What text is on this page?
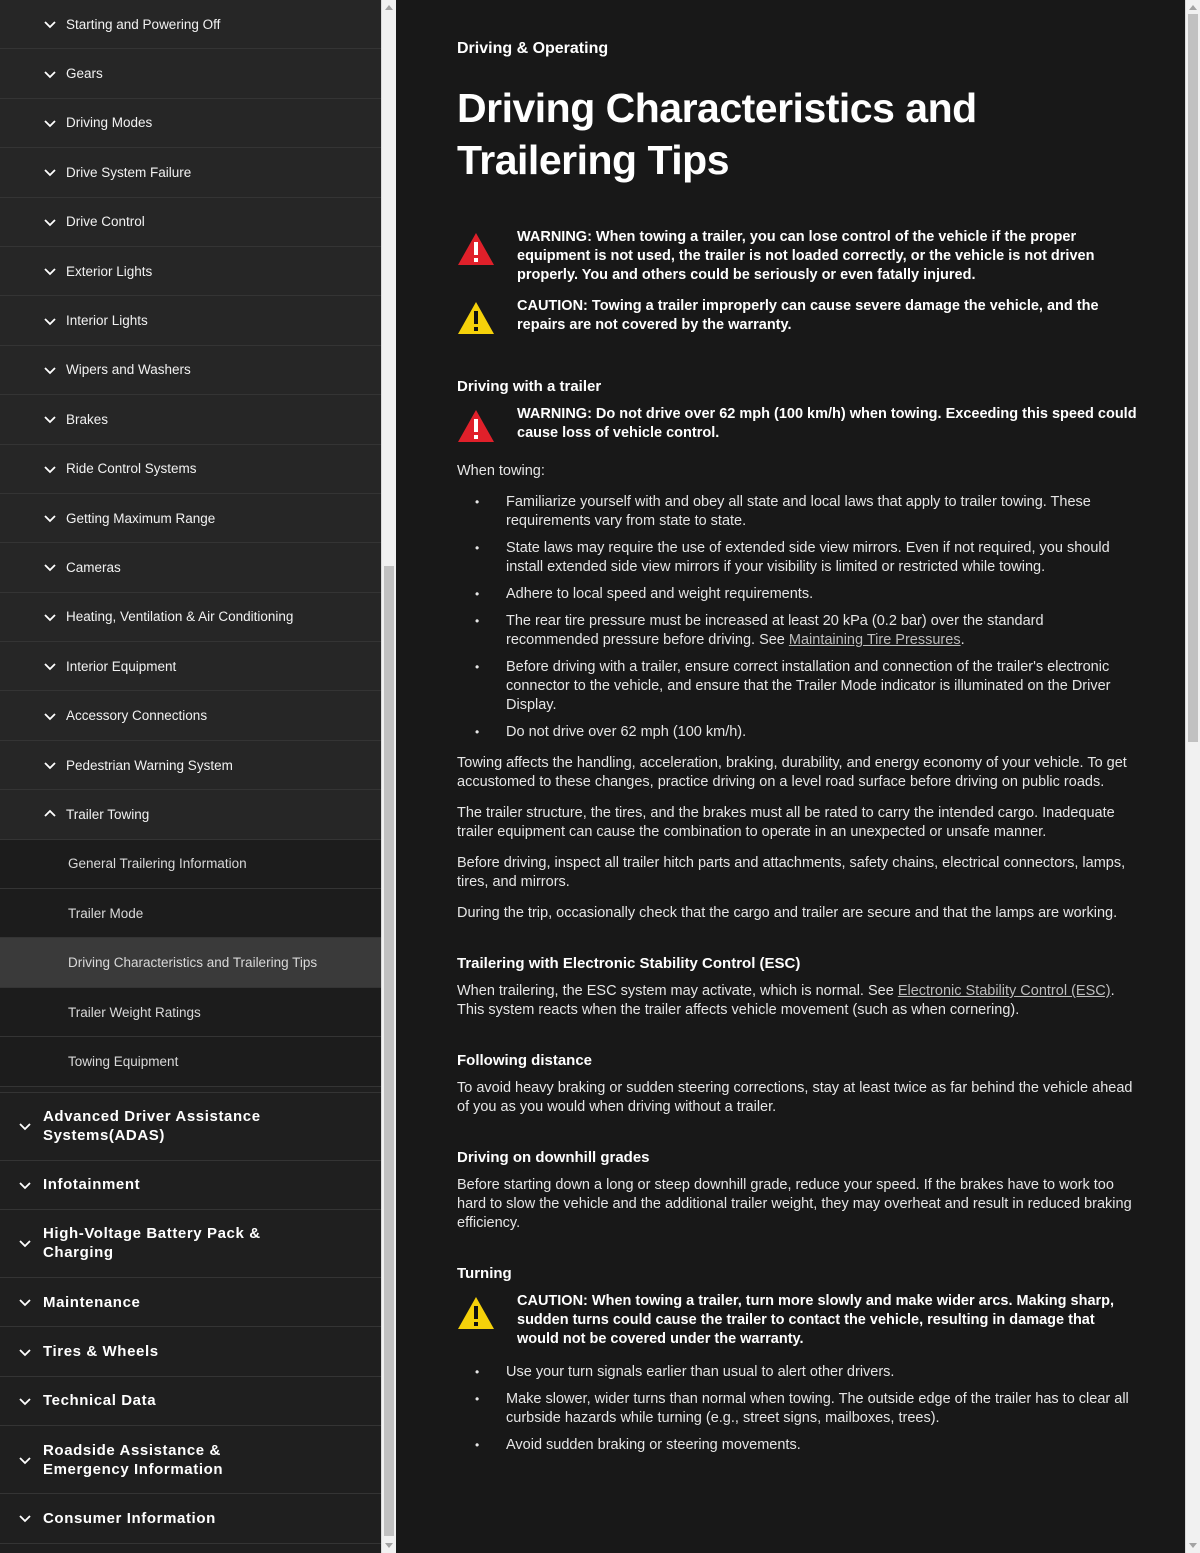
Starting and Powering Off
Gears
Driving Modes
Drive System Failure
Drive Control
Exterior Lights
Interior Lights
Wipers and Washers
Brakes
Ride Control Systems
Getting Maximum Range
Cameras
Heating, Ventilation & Air Conditioning
Interior Equipment
Accessory Connections
Pedestrian Warning System
Trailer Towing
General Trailering Information
Trailer Mode
Driving Characteristics and Trailering Tips
Trailer Weight Ratings
Towing Equipment
Advanced Driver Assistance Systems(ADAS)
Infotainment
High-Voltage Battery Pack & Charging
Maintenance
Tires & Wheels
Technical Data
Roadside Assistance & Emergency Information
Consumer Information
Driving & Operating
Driving Characteristics and Trailering Tips
WARNING: When towing a trailer, you can lose control of the vehicle if the proper equipment is not used, the trailer is not loaded correctly, or the vehicle is not driven properly. You and others could be seriously or even fatally injured.
CAUTION: Towing a trailer improperly can cause severe damage the vehicle, and the repairs are not covered by the warranty.
Driving with a trailer
WARNING: Do not drive over 62 mph (100 km/h) when towing. Exceeding this speed could cause loss of vehicle control.

When towing:

• Familiarize yourself with and obey all state and local laws that apply to trailer towing. These requirements vary from state to state.
• State laws may require the use of extended side view mirrors. Even if not required, you should install extended side view mirrors if your visibility is limited or restricted while towing.
• Adhere to local speed and weight requirements.
• The rear tire pressure must be increased at least 20 kPa (0.2 bar) over the standard recommended pressure before driving. See Maintaining Tire Pressures.
• Before driving with a trailer, ensure correct installation and connection of the trailer's electronic connector to the vehicle, and ensure that the Trailer Mode indicator is illuminated on the Driver Display.
• Do not drive over 62 mph (100 km/h).

Towing affects the handling, acceleration, braking, durability, and energy economy of your vehicle. To get accustomed to these changes, practice driving on a level road surface before driving on public roads.

The trailer structure, the tires, and the brakes must all be rated to carry the intended cargo. Inadequate trailer equipment can cause the combination to operate in an unexpected or unsafe manner.

Before driving, inspect all trailer hitch parts and attachments, safety chains, electrical connectors, lamps, tires, and mirrors.

During the trip, occasionally check that the cargo and trailer are secure and that the lamps are working.

Trailering with Electronic Stability Control (ESC)

When trailering, the ESC system may activate, which is normal. See Electronic Stability Control (ESC). This system reacts when the trailer affects vehicle movement (such as when cornering).

Following distance

To avoid heavy braking or sudden steering corrections, stay at least twice as far behind the vehicle ahead of you as you would when driving without a trailer.

Driving on downhill grades

Before starting down a long or steep downhill grade, reduce your speed. If the brakes have to work too hard to slow the vehicle and the additional trailer weight, they may overheat and result in reduced braking efficiency.

Turning
CAUTION: When towing a trailer, turn more slowly and make wider arcs. Making sharp, sudden turns could cause the trailer to contact the vehicle, resulting in damage that would not be covered under the warranty.
• Use your turn signals earlier than usual to alert other drivers.
• Make slower, wider turns than normal when towing. The outside edge of the trailer has to clear all curbside hazards while turning (e.g., street signs, mailboxes, trees).
• Avoid sudden braking or steering movements.
